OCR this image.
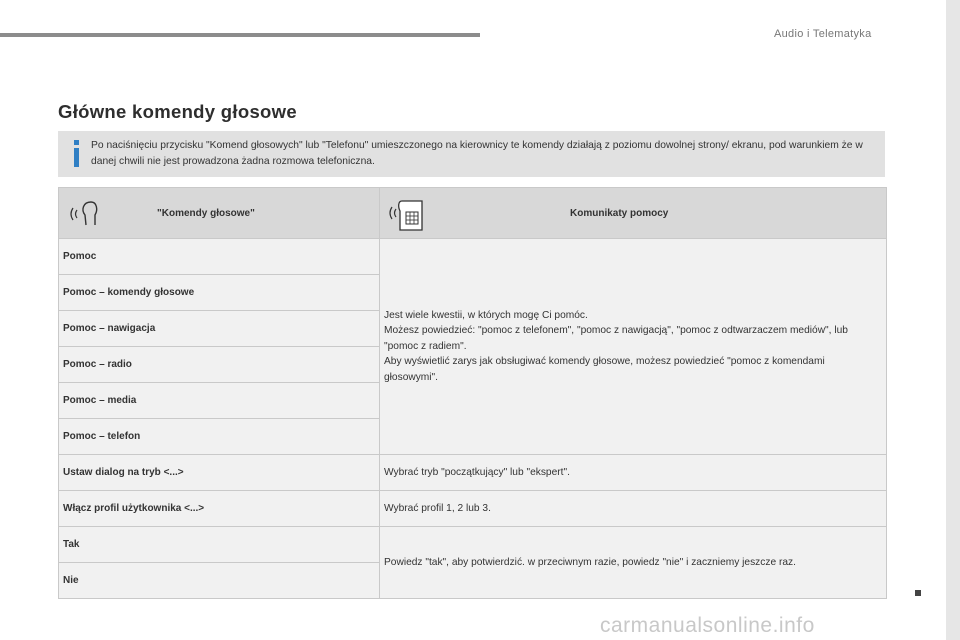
Audio i Telematyka
Główne komendy głosowe
Po naciśnięciu przycisku "Komend głosowych" lub "Telefonu" umieszczonego na kierownicy te komendy działają z poziomu dowolnej strony/ ekranu, pod warunkiem że w danej chwili nie jest prowadzona żadna rozmowa telefoniczna.
"Komendy głosowe"	Komunikaty pomocy

Pomoc	Jest wiele kwestii, w których mogę Ci pomóc.
Możesz powiedzieć: "pomoc z telefonem", "pomoc z nawigacją", "pomoc z odtwarzaczem mediów", lub "pomoc z radiem".
Aby wyświetlić zarys jak obsługiwać komendy głosowe, możesz powiedzieć "pomoc z komendami głosowymi".

Pomoc – komendy głosowe	
Pomoc – nawigacja	
Pomoc – radio	
Pomoc – media	
Pomoc – telefon	
Ustaw dialog na tryb <...>	Wybrać tryb "początkujący" lub "ekspert".
Włącz profil użytkownika <...>	Wybrać profil 1, 2 lub 3.
Tak	Powiedz "tak", aby potwierdzić. w przeciwnym razie, powiedz "nie" i zaczniemy jeszcze raz.
Nie	
carmanualsonline.info
